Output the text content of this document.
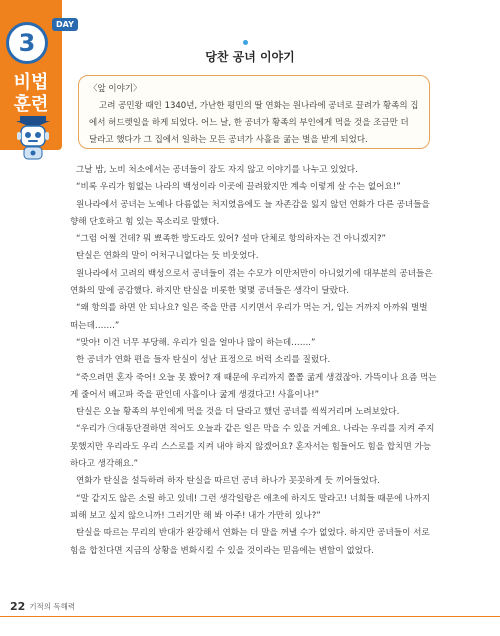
3
DAY
비법
훈련
당찬 공녀 이야기
〈앞 이야기〉

고려 공민왕 때인 1340년, 가난한 평민의 딸 연화는 원나라에 공녀로 끌려가 황족의 집에서 허드렛일을 하게 되었다. 어느 날, 한 공녀가 황족의 부인에게 먹을 것을 조금만 더 달라고 했다가 그 집에서 일하는 모든 공녀가 사흘을 굶는 벌을 받게 되었다.

그날 밤, 노비 처소에서는 공녀들이 잠도 자지 않고 이야기를 나누고 있었다.

“비록 우리가 힘없는 나라의 백성이라 이곳에 끌려왔지만 계속 이렇게 살 수는 없어요!”

원나라에서 공녀는 노예나 다름없는 처지였음에도 늘 자존감을 잃지 않던 연화가 다른 공녀들을 향해 단호하고 힘 있는 목소리로 말했다.

“그럼 어쩔 건데? 뭐 뾰족한 방도라도 있어? 설마 단체로 항의하자는 건 아니겠지?”

탄실은 연화의 말이 어처구니없다는 듯 비웃었다.

원나라에서 고려의 백성으로서 공녀들이 겪는 수모가 이만저만이 아니었기에 대부분의 공녀들은 연화의 말에 공감했다. 하지만 탄실을 비롯한 몇몇 공녀들은 생각이 달랐다.

“왜 항의를 하면 안 되나요? 일은 죽을 만큼 시키면서 우리가 먹는 거, 입는 거까지 아까워 벌벌 떠는데…….”

“맞아! 이건 너무 부당해. 우리가 일을 얼마나 많이 하는데…….”

한 공녀가 연화 편을 들자 탄실이 성난 표정으로 버럭 소리를 질렀다.

“죽으려면 혼자 죽어! 오늘 못 봤어? 재 때문에 우리까지 쫄쫄 굶게 생겼잖아. 가뜩이나 요즘 먹는 게 줄어서 배고파 죽을 판인데 사흘이나 굶게 생겼다고! 사흘이나!”

탄실은 오늘 황족의 부인에게 먹을 것을 더 달라고 했던 공녀를 씩씩거리며 노려보았다.

“우리가 ㉠대동단결하면 적어도 오늘과 같은 일은 막을 수 있을 거예요. 나라는 우리를 지켜 주지 못했지만 우리라도 우리 스스로를 지켜 내야 하지 않겠어요? 혼자서는 힘들어도 힘을 합치면 가능하다고 생각해요.”

연화가 탄실을 설득하려 하자 탄실을 따르던 공녀 하나가 꼿꼿하게 듯 끼어들었다.

“말 같지도 않은 소릴 하고 있네! 그런 생각일랑은 애초에 하지도 말라고! 너희들 때문에 나까지 피해 보고 싶지 않으니까! 그러기만 해 봐 아주! 내가 가만히 있나?”

탄실을 따르는 무리의 반대가 완강해서 연화는 더 말을 꺼낼 수가 없었다. 하지만 공녀들이 서로 힘을 합친다면 지금의 상황을 변화시킬 수 있을 것이라는 믿음에는 변함이 없었다.

22 기적의 독해력
